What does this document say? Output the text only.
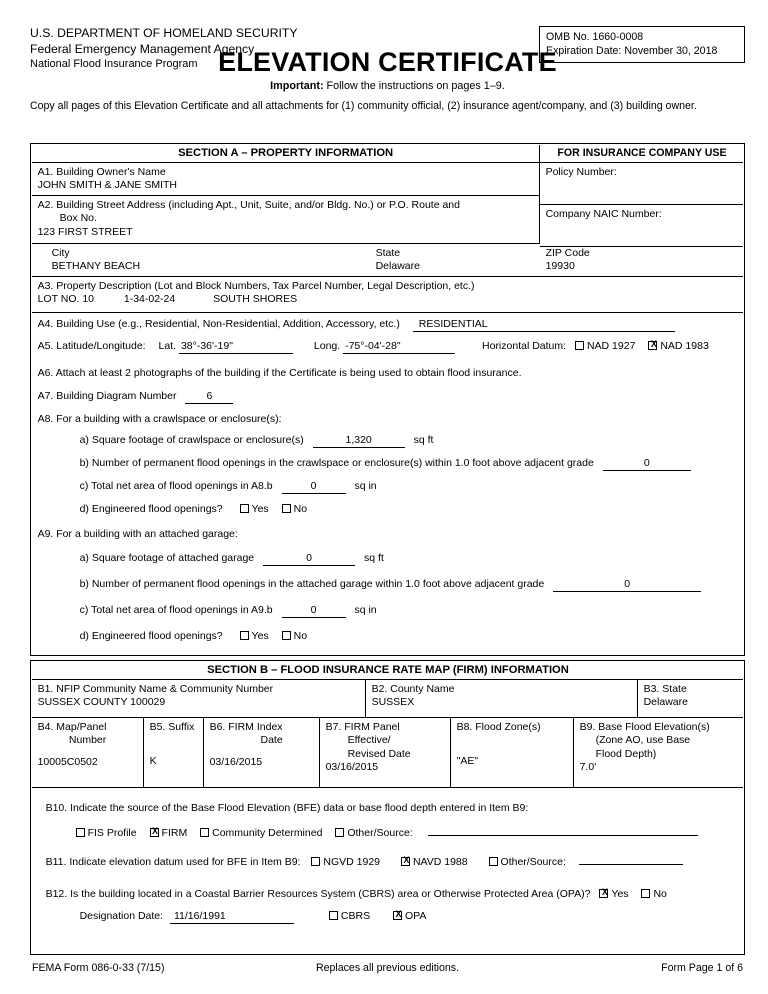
U.S. DEPARTMENT OF HOMELAND SECURITY
Federal Emergency Management Agency
National Flood Insurance Program
OMB No. 1660-0008
Expiration Date: November 30, 2018
ELEVATION CERTIFICATE
Important: Follow the instructions on pages 1–9.
Copy all pages of this Elevation Certificate and all attachments for (1) community official, (2) insurance agent/company, and (3) building owner.
SECTION A – PROPERTY INFORMATION	FOR INSURANCE COMPANY USE
Policy Number:
Company NAIC Number:
A1. Building Owner's Name
JOHN SMITH & JANE SMITH
A2. Building Street Address (including Apt., Unit, Suite, and/or Bldg. No.) or P.O. Route and
Box No.
123 FIRST STREET
City
BETHANY BEACH
State
Delaware
ZIP Code
19930
A3. Property Description (Lot and Block Numbers, Tax Parcel Number, Legal Description, etc.)
LOT NO. 10	1-34-02-24	SOUTH SHORES
A4. Building Use (e.g., Residential, Non-Residential, Addition, Accessory, etc.) RESIDENTIAL
A5. Latitude/Longitude: Lat. 38°-36'-19"	Long. -75°-04'-28"	Horizontal Datum: NAD 1927 X NAD 1983
A6. Attach at least 2 photographs of the building if the Certificate is being used to obtain flood insurance.
A7. Building Diagram Number	6
A8. For a building with a crawlspace or enclosure(s):
a) Square footage of crawlspace or enclosure(s)	1,320	sq ft
b) Number of permanent flood openings in the crawlspace or enclosure(s) within 1.0 foot above adjacent grade	0
c) Total net area of flood openings in A8.b	0	sq in
d) Engineered flood openings?	Yes No
A9. For a building with an attached garage:
a) Square footage of attached garage	0	sq ft
b) Number of permanent flood openings in the attached garage within 1.0 foot above adjacent grade	0
c) Total net area of flood openings in A9.b	0	sq in
d) Engineered flood openings?	Yes No
SECTION B – FLOOD INSURANCE RATE MAP (FIRM) INFORMATION
B1. NFIP Community Name & Community Number
SUSSEX COUNTY 100029
B2. County Name
SUSSEX
B3. State
Delaware
B4. Map/Panel
Number
10005C0502
B5. Suffix
K
B6. FIRM Index
Date
03/16/2015
B7. FIRM Panel
Effective/
Revised Date
03/16/2015
B8. Flood Zone(s)
"AE"
B9. Base Flood Elevation(s)
(Zone AO, use Base
Flood Depth)
7.0'
B10. Indicate the source of the Base Flood Elevation (BFE) data or base flood depth entered in Item B9:
FIS Profile X FIRM Community Determined Other/Source:
B11. Indicate elevation datum used for BFE in Item B9: NGVD 1929 X	NAVD 1988	Other/Source:
B12. Is the building located in a Coastal Barrier Resources System (CBRS) area or Otherwise Protected Area (OPA)? X Yes No
Designation Date: 11/16/1991	CBRS X	OPA
FEMA Form 086-0-33 (7/15)	Replaces all previous editions.	Form Page 1 of 6
